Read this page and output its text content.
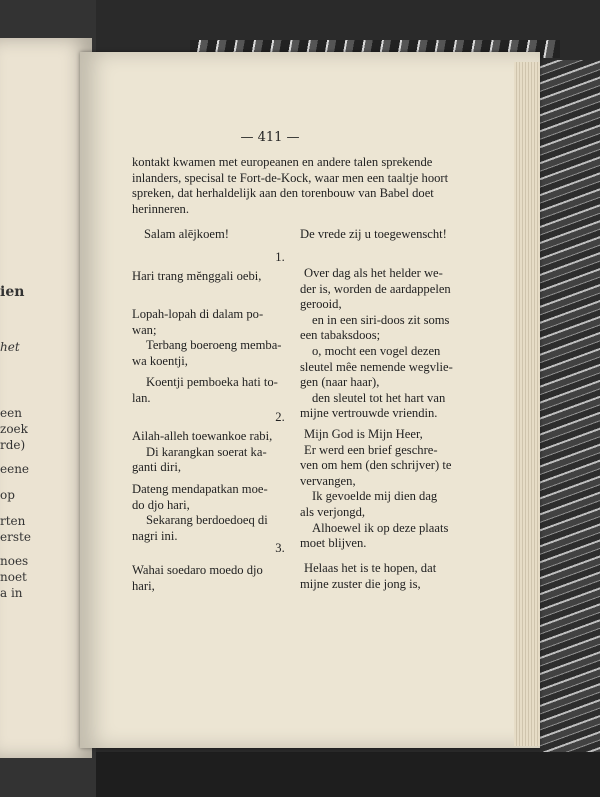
ien
het
een
zoek
rde)
eene
op
rten
erste
noes
noet
a in
— 411 —
kontakt kwamen met europeanen en andere talen sprekende
inlanders, specisal te Fort-de-Kock, waar men een taaltje hoort
spreken, dat herhaldelijk aan den torenbouw van Babel doet
herinneren.
Salam alējkoem!	De vrede zij u toegewenscht!
1.
Hari trang mĕnggali oebi,
Lopah-lopah di dalam po-
wan;
Terbang boeroeng memba-
wa koentji,
Koentji pemboeka hati to-
lan.
Over dag als het helder we-
der is, worden de aardappelen
gerooid,
en in een siri-doos zit soms
een tabaksdoos;
o, mocht een vogel dezen
sleutel mêe nemende wegvlie-
gen (naar haar),
den sleutel tot het hart van
mijne vertrouwde vriendin.
2.
Ailah-alleh toewankoe rabi,
Di karangkan soerat ka-
ganti diri,
Dateng mendapatkan moe-
do djo hari,
Sekarang berdoedoeq di
nagri ini.
Mijn God is Mijn Heer,
Er werd een brief geschre-
ven om hem (den schrijver) te
vervangen,
Ik gevoelde mij dien dag
als verjongd,
Alhoewel ik op deze plaats
moet blijven.
3.
Wahai soedaro moedo djo
hari,
Helaas het is te hopen, dat
mijne zuster die jong is,
